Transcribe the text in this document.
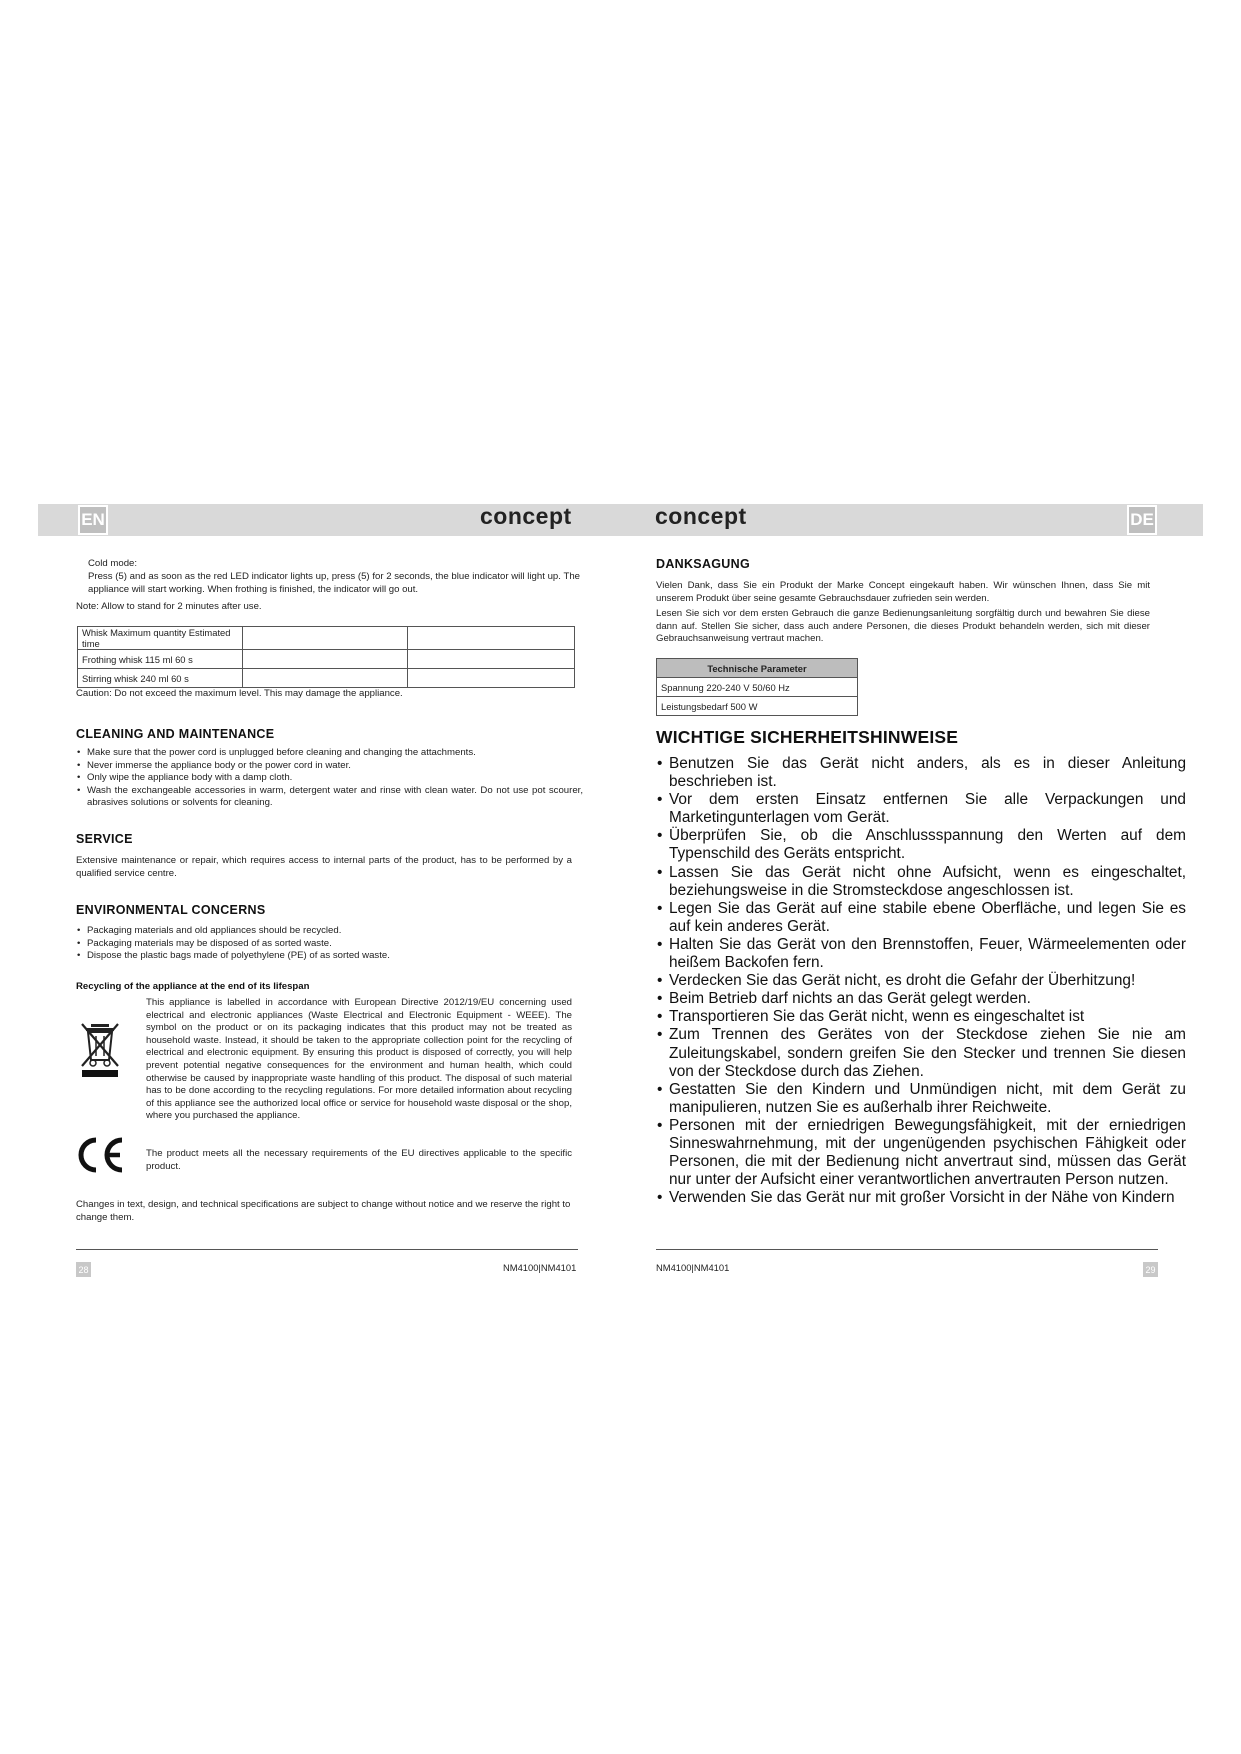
EN	concept
Cold mode:
Press (5) and as soon as the red LED indicator lights up, press (5) for 2 seconds, the blue indicator will light up. The appliance will start working. When frothing is finished, the indicator will go out.
Note: Allow to stand for 2 minutes after use.
Whisk Maximum quantity Estimated time		
Frothing whisk 115 ml 60 s		
Stirring whisk 240 ml 60 s		
Caution: Do not exceed the maximum level. This may damage the appliance.
CLEANING AND MAINTENANCE
• Make sure that the power cord is unplugged before cleaning and changing the attachments.
• Never immerse the appliance body or the power cord in water.
• Only wipe the appliance body with a damp cloth.
• Wash the exchangeable accessories in warm, detergent water and rinse with clean water. Do not use pot scourer, abrasives solutions or solvents for cleaning.
SERVICE
Extensive maintenance or repair, which requires access to internal parts of the product, has to be performed by a qualified service centre.
ENVIRONMENTAL CONCERNS
• Packaging materials and old appliances should be recycled.
• Packaging materials may be disposed of as sorted waste.
• Dispose the plastic bags made of polyethylene (PE) of as sorted waste.
Recycling of the appliance at the end of its lifespan
This appliance is labelled in accordance with European Directive 2012/19/EU concerning used electrical and electronic appliances (Waste Electrical and Electronic Equipment - WEEE). The symbol on the product or on its packaging indicates that this product may not be treated as household waste. Instead, it should be taken to the appropriate collection point for the recycling of electrical and electronic equipment. By ensuring this product is disposed of correctly, you will help prevent potential negative consequences for the environment and human health, which could otherwise be caused by inappropriate waste handling of this product. The disposal of such material has to be done according to the recycling regulations. For more detailed information about recycling of this appliance see the authorized local office or service for household waste disposal or the shop, where you purchased the appliance.
The product meets all the necessary requirements of the EU directives applicable to the specific product.
Changes in text, design, and technical specifications are subject to change without notice and we reserve the right to change them.
28	NM4100|NM4101
DE
concept
DANKSAGUNG
Vielen Dank, dass Sie ein Produkt der Marke Concept eingekauft haben. Wir wünschen Ihnen, dass Sie mit unserem Produkt über seine gesamte Gebrauchsdauer zufrieden sein werden.
Lesen Sie sich vor dem ersten Gebrauch die ganze Bedienungsanleitung sorgfältig durch und bewahren Sie diese dann auf. Stellen Sie sicher, dass auch andere Personen, die dieses Produkt behandeln werden, sich mit dieser Gebrauchsanweisung vertraut machen.
Technische Parameter
Spannung 220-240 V 50/60 Hz
Leistungsbedarf 500 W
WICHTIGE SICHERHEITSHINWEISE
• Benutzen Sie das Gerät nicht anders, als es in dieser Anleitung beschrieben ist.
• Vor dem ersten Einsatz entfernen Sie alle Verpackungen und Marketingunterlagen vom Gerät.
• Überprüfen Sie, ob die Anschlussspannung den Werten auf dem Typenschild des Geräts entspricht.
• Lassen Sie das Gerät nicht ohne Aufsicht, wenn es eingeschaltet, beziehungsweise in die Stromsteckdose angeschlossen ist.
• Legen Sie das Gerät auf eine stabile ebene Oberfläche, und legen Sie es auf kein anderes Gerät.
• Halten Sie das Gerät von den Brennstoffen, Feuer, Wärmeelementen oder heißem Backofen fern.
• Verdecken Sie das Gerät nicht, es droht die Gefahr der Überhitzung!
• Beim Betrieb darf nichts an das Gerät gelegt werden.
• Transportieren Sie das Gerät nicht, wenn es eingeschaltet ist
• Zum Trennen des Gerätes von der Steckdose ziehen Sie nie am Zuleitungskabel, sondern greifen Sie den Stecker und trennen Sie diesen von der Steckdose durch das Ziehen.
• Gestatten Sie den Kindern und Unmündigen nicht, mit dem Gerät zu manipulieren, nutzen Sie es außerhalb ihrer Reichweite.
• Personen mit der erniedrigen Bewegungsfähigkeit, mit der erniedrigen Sinneswahrnehmung, mit der ungenügenden psychischen Fähigkeit oder Personen, die mit der Bedienung nicht anvertraut sind, müssen das Gerät nur unter der Aufsicht einer verantwortlichen anvertrauten Person nutzen.
• Verwenden Sie das Gerät nur mit großer Vorsicht in der Nähe von Kindern
NM4100|NM4101	29
